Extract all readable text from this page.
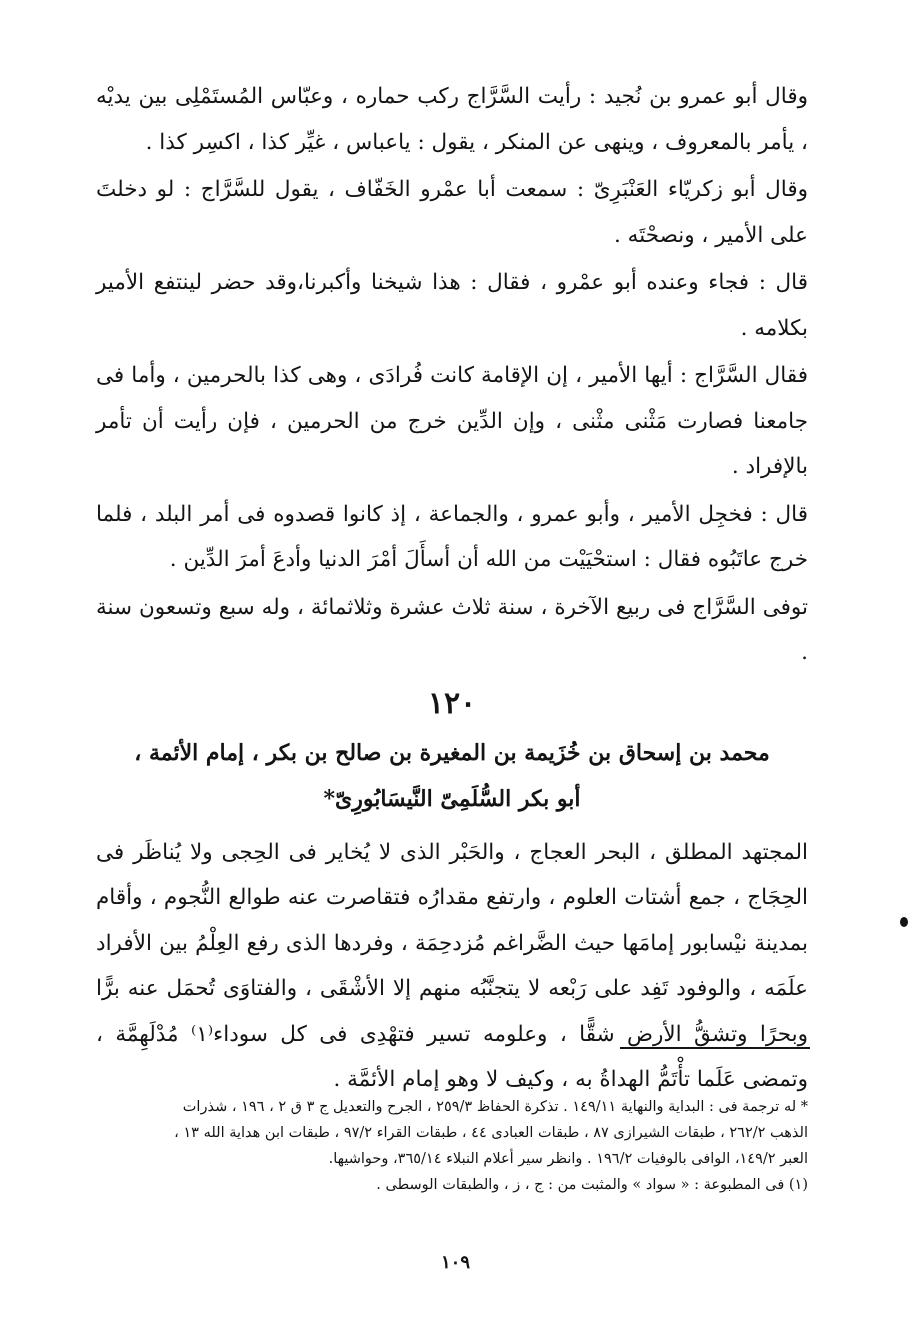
وقال أبو عمرو بن نُجيد : رأيت السَّرَّاج ركب حماره ، وعبّاس المُستَمْلِى بين يديْه ، يأمر بالمعروف ، وينهى عن المنكر ، يقول : ياعباس ، غيِّر كذا ، اكسِر كذا .

وقال أبو زكريّاء العَنْبَرِىّ : سمعت أبا عمْرو الخَفّاف ، يقول للسَّرَّاج : لو دخلتَ على الأمير ، ونصحْتَه .

قال : فجاء وعنده أبو عمْرو ، فقال : هذا شيخنا وأكبرنا،وقد حضر لينتفع الأمير بكلامه .

فقال السَّرَّاج : أيها الأمير ، إن الإقامة كانت فُرادَى ، وهى كذا بالحرمين ، وأما فى جامعنا فصارت مَثْنى مثْنى ، وإن الدِّين خرج من الحرمين ، فإن رأيت أن تأمر بالإفراد .

قال : فخجِل الأمير ، وأبو عمرو ، والجماعة ، إذ كانوا قصدوه فى أمر البلد ، فلما خرج عاتَبُوه فقال : استحْيَيْت من الله أن أسأَلَ أمْرَ الدنيا وأدعَ أمرَ الدِّين .

توفى السَّرَّاج فى ربيع الآخرة ، سنة ثلاث عشرة وثلاثمائة ، وله سبع وتسعون سنة .

١٢٠
محمد بن إسحاق بن خُزَيمة بن المغيرة بن صالح بن بكر ، إمام الأئمة ،
أبو بكر السُّلَمِىّ النَّيسَابُورِىّ*

المجتهد المطلق ، البحر العجاج ، والحَبْر الذى لا يُخاير فى الحِجى ولا يُناظَر فى الحِجَاج ، جمع أشتات العلوم ، وارتفع مقدارُه فتقاصرت عنه طوالع النُّجوم ، وأقام بمدينة نيْسابور إمامَها حيث الضَّراغم مُزدحِمَة ، وفردها الذى رفع العِلْمُ بين الأفراد علَمَه ، والوفود تَفِد على رَبْعه لا يتجنَّبُه منهم إلا الأشْقَى ، والفتاوَى تُحمَل عنه برًّا وبحرًا وتشقُّ الأرض شقًّا ، وعلومه تسير فتهْدِى فى كل سوداء⁽١⁾ مُدْلَهِمَّة ، وتمضى عَلَما تأْتَمُّ الهداةُ به ، وكيف لا وهو إمام الأئمَّة .

* له ترجمة فى : البداية والنهاية ١٤٩/١١ . تذكرة الحفاظ ٢٥٩/٣ ، الجرح والتعديل ج ٣ ق ٢ ، ١٩٦ ، شذرات

الذهب ٢٦٢/٢ ، طبقات الشيرازى ٨٧ ، طبقات العبادى ٤٤ ، طبقات القراء ٩٧/٢ ، طبقات ابن هداية الله ١٣ ،

العبر ١٤٩/٢، الوافى بالوفيات ١٩٦/٢ . وانظر سير أعلام النبلاء ٣٦٥/١٤، وحواشيها.

(١) فى المطبوعة : « سواد » والمثبت من : ج ، ز ، والطبقات الوسطى .

١٠٩
